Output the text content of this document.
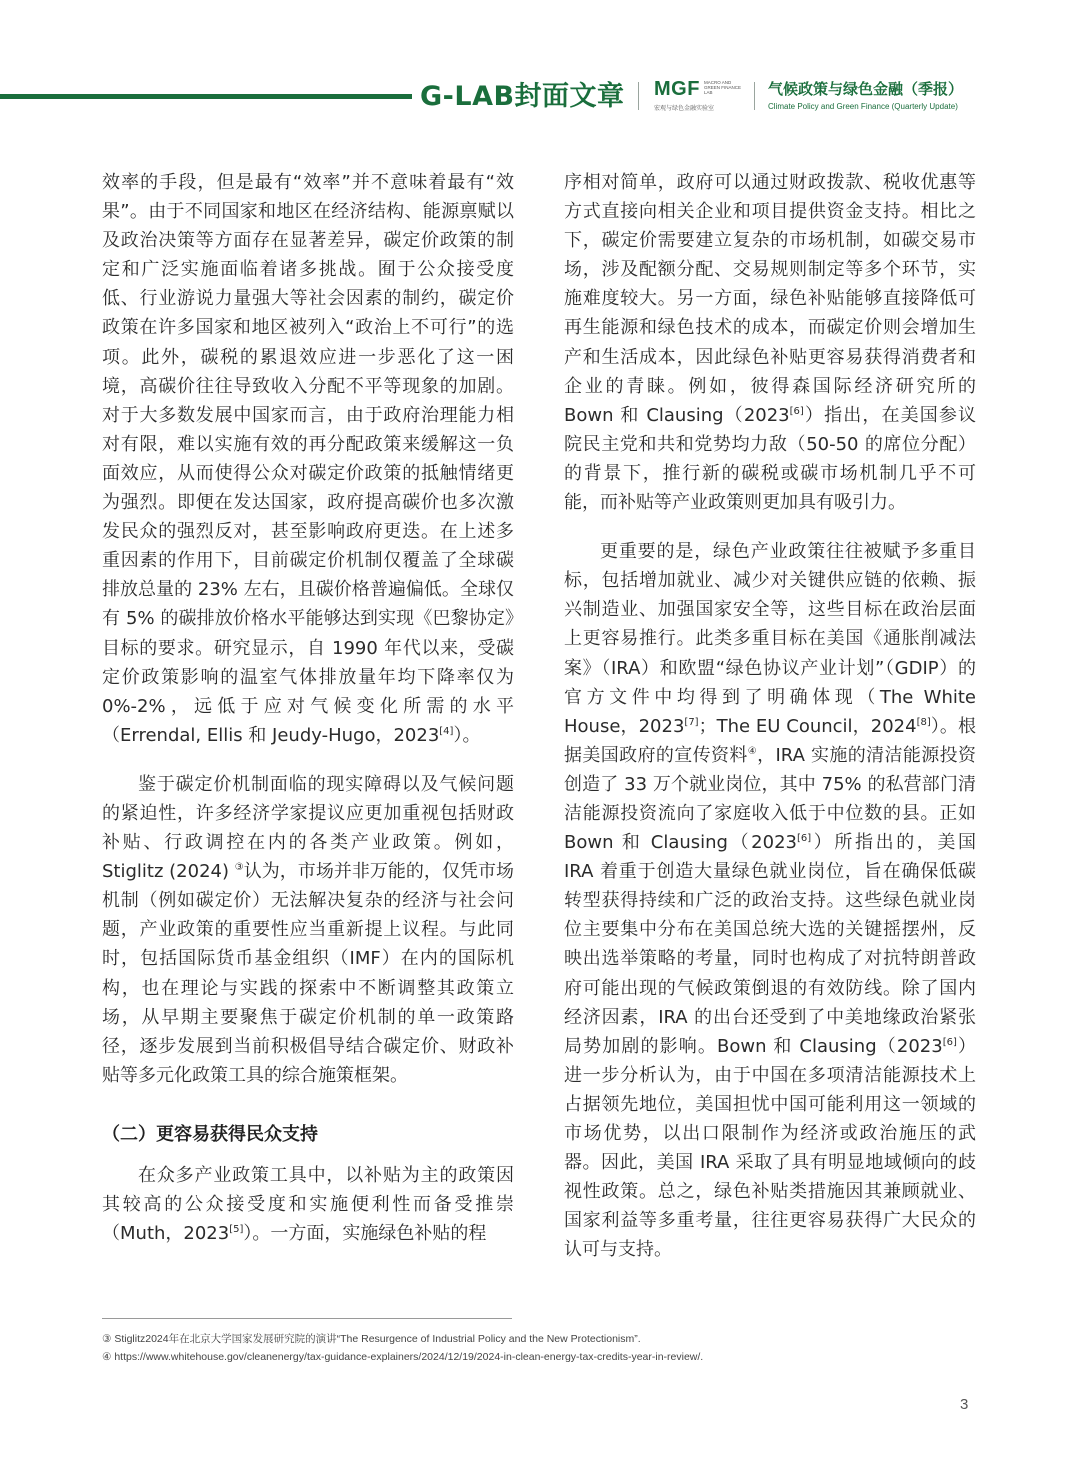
G-LAB封面文章 MGF MACRO AND GREEN FINANCE LAB
宏观与绿色金融实验室
气候政策与绿色金融（季报）
Climate Policy and Green Finance (Quarterly Update)

效率的手段，但是最有“效率”并不意味着最有“效果”。由于不同国家和地区在经济结构、能源禀赋以及政治决策等方面存在显著差异，碳定价政策的制定和广泛实施面临着诸多挑战。囿于公众接受度低、行业游说力量强大等社会因素的制约，碳定价政策在许多国家和地区被列入“政治上不可行”的选项。此外，碳税的累退效应进一步恶化了这一困境，高碳价往往导致收入分配不平等现象的加剧。对于大多数发展中国家而言，由于政府治理能力相对有限，难以实施有效的再分配政策来缓解这一负面效应，从而使得公众对碳定价政策的抵触情绪更为强烈。即便在发达国家，政府提高碳价也多次激发民众的强烈反对，甚至影响政府更迭。在上述多重因素的作用下，目前碳定价机制仅覆盖了全球碳排放总量的 23% 左右，且碳价格普遍偏低。全球仅有 5% 的碳排放价格水平能够达到实现《巴黎协定》目标的要求。研究显示，自 1990 年代以来，受碳定价政策影响的温室气体排放量年均下降率仅为 0%-2%，远低于应对气候变化所需的水平（Errendal, Ellis 和 Jeudy-Hugo，2023[4]）。

鉴于碳定价机制面临的现实障碍以及气候问题的紧迫性，许多经济学家提议应更加重视包括财政补贴、行政调控在内的各类产业政策。例如，Stiglitz (2024) ③认为，市场并非万能的，仅凭市场机制（例如碳定价）无法解决复杂的经济与社会问题，产业政策的重要性应当重新提上议程。与此同时，包括国际货币基金组织（IMF）在内的国际机构，也在理论与实践的探索中不断调整其政策立场，从早期主要聚焦于碳定价机制的单一政策路径，逐步发展到当前积极倡导结合碳定价、财政补贴等多元化政策工具的综合施策框架。

（二）更容易获得民众支持

在众多产业政策工具中，以补贴为主的政策因其较高的公众接受度和实施便利性而备受推崇（Muth，2023[5]）。一方面，实施绿色补贴的程

序相对简单，政府可以通过财政拨款、税收优惠等方式直接向相关企业和项目提供资金支持。相比之下，碳定价需要建立复杂的市场机制，如碳交易市场，涉及配额分配、交易规则制定等多个环节，实施难度较大。另一方面，绿色补贴能够直接降低可再生能源和绿色技术的成本，而碳定价则会增加生产和生活成本，因此绿色补贴更容易获得消费者和企业的青睐。例如，彼得森国际经济研究所的 Bown 和 Clausing（2023[6]）指出，在美国参议院民主党和共和党势均力敌（50-50 的席位分配）的背景下，推行新的碳税或碳市场机制几乎不可能，而补贴等产业政策则更加具有吸引力。

更重要的是，绿色产业政策往往被赋予多重目标，包括增加就业、减少对关键供应链的依赖、振兴制造业、加强国家安全等，这些目标在政治层面上更容易推行。此类多重目标在美国《通胀削减法案》（IRA）和欧盟“绿色协议产业计划”（GDIP）的官方文件中均得到了明确体现（The White House，2023[7]；The EU Council，2024[8]）。根据美国政府的宣传资料④，IRA 实施的清洁能源投资创造了 33 万个就业岗位，其中 75% 的私营部门清洁能源投资流向了家庭收入低于中位数的县。正如 Bown 和 Clausing（2023[6]）所指出的，美国 IRA 着重于创造大量绿色就业岗位，旨在确保低碳转型获得持续和广泛的政治支持。这些绿色就业岗位主要集中分布在美国总统大选的关键摇摆州，反映出选举策略的考量，同时也构成了对抗特朗普政府可能出现的气候政策倒退的有效防线。除了国内经济因素，IRA 的出台还受到了中美地缘政治紧张局势加剧的影响。Bown 和 Clausing（2023[6]）进一步分析认为，由于中国在多项清洁能源技术上占据领先地位，美国担忧中国可能利用这一领域的市场优势，以出口限制作为经济或政治施压的武器。因此，美国 IRA 采取了具有明显地域倾向的歧视性政策。总之，绿色补贴类措施因其兼顾就业、国家利益等多重考量，往往更容易获得广大民众的认可与支持。

③ Stiglitz2024年在北京大学国家发展研究院的演讲“The Resurgence of Industrial Policy and the New Protectionism”.
④ https://www.whitehouse.gov/cleanenergy/tax-guidance-explainers/2024/12/19/2024-in-clean-energy-tax-credits-year-in-review/.
3
